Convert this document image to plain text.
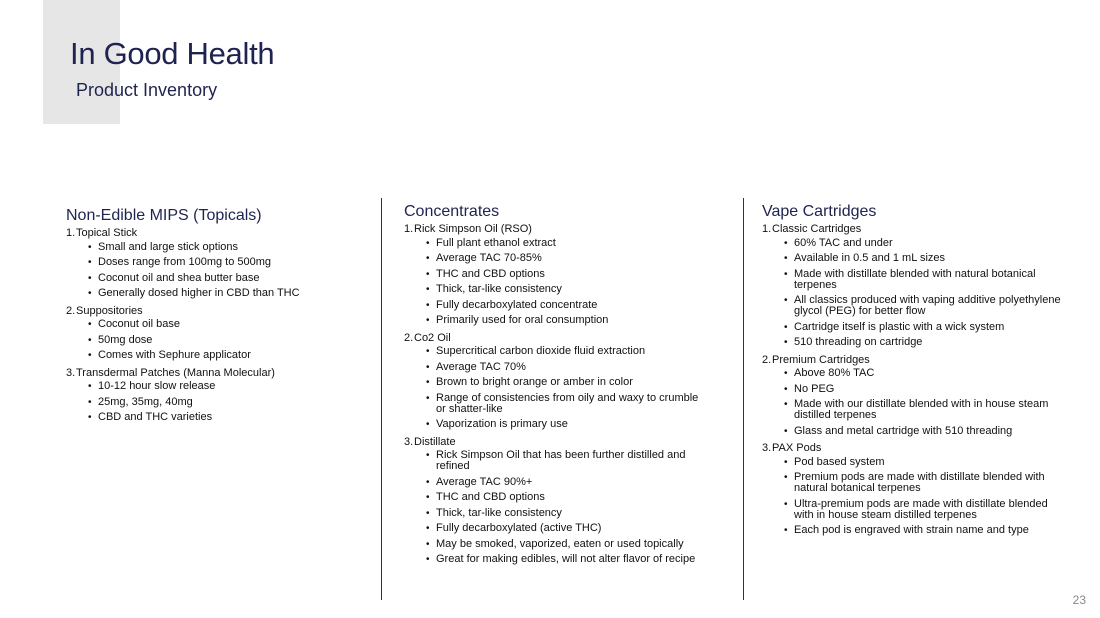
In Good Health
Product Inventory
Non-Edible MIPS (Topicals)
1.Topical Stick
• Small and large stick options
• Doses range from 100mg to 500mg
• Coconut oil and shea butter base
• Generally dosed higher in CBD than THC
2.Suppositories
• Coconut oil base
• 50mg dose
• Comes with Sephure applicator
3.Transdermal Patches (Manna Molecular)
• 10-12 hour slow release
• 25mg, 35mg, 40mg
• CBD and THC varieties
Concentrates
1.Rick Simpson Oil (RSO)
• Full plant ethanol extract
• Average TAC 70-85%
• THC and CBD options
• Thick, tar-like consistency
• Fully decarboxylated concentrate
• Primarily used for oral consumption
2.Co2 Oil
• Supercritical carbon dioxide fluid extraction
• Average TAC 70%
• Brown to bright orange or amber in color
• Range of consistencies from oily and waxy to crumble or shatter-like
• Vaporization is primary use
3.Distillate
• Rick Simpson Oil that has been further distilled and refined
• Average TAC 90%+
• THC and CBD options
• Thick, tar-like consistency
• Fully decarboxylated (active THC)
• May be smoked, vaporized, eaten or used topically
• Great for making edibles, will not alter flavor of recipe
Vape Cartridges
1.Classic Cartridges
• 60% TAC and under
• Available in 0.5 and 1 mL sizes
• Made with distillate blended with natural botanical terpenes
• All classics produced with vaping additive polyethylene glycol (PEG) for better flow
• Cartridge itself is plastic with a wick system
• 510 threading on cartridge
2.Premium Cartridges
• Above 80% TAC
• No PEG
• Made with our distillate blended with in house steam distilled terpenes
• Glass and metal cartridge with 510 threading
3.PAX Pods
• Pod based system
• Premium pods are made with distillate blended with natural botanical terpenes
• Ultra-premium pods are made with distillate blended with in house steam distilled terpenes
• Each pod is engraved with strain name and type
23
